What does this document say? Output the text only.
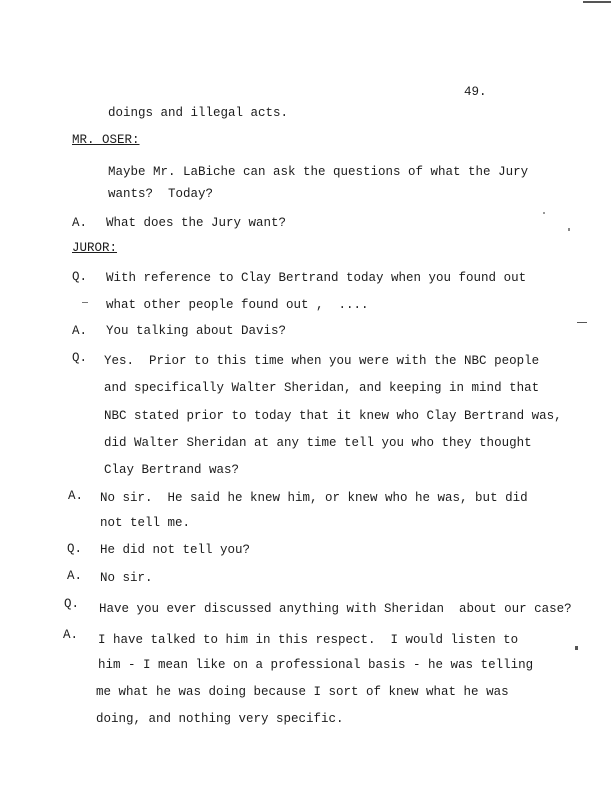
49.
doings and illegal acts.
MR. OSER:
Maybe Mr. LaBiche can ask the questions of what the Jury
wants?  Today?
A. What does the Jury want?
JUROR:
Q. With reference to Clay Bertrand today when you found out
what other people found out ,  ....
A. You talking about Davis?
Q. Yes.  Prior to this time when you were with the NBC people
and specifically Walter Sheridan, and keeping in mind that
NBC stated prior to today that it knew who Clay Bertrand was,
did Walter Sheridan at any time tell you who they thought
Clay Bertrand was?
A. No sir.  He said he knew him, or knew who he was, but did
not tell me.
Q. He did not tell you?
A. No sir.
Q. Have you ever discussed anything with Sheridan  about our case?
A. I have talked to him in this respect.  I would listen to
him - I mean like on a professional basis - he was telling
me what he was doing because I sort of knew what he was
doing, and nothing very specific.
